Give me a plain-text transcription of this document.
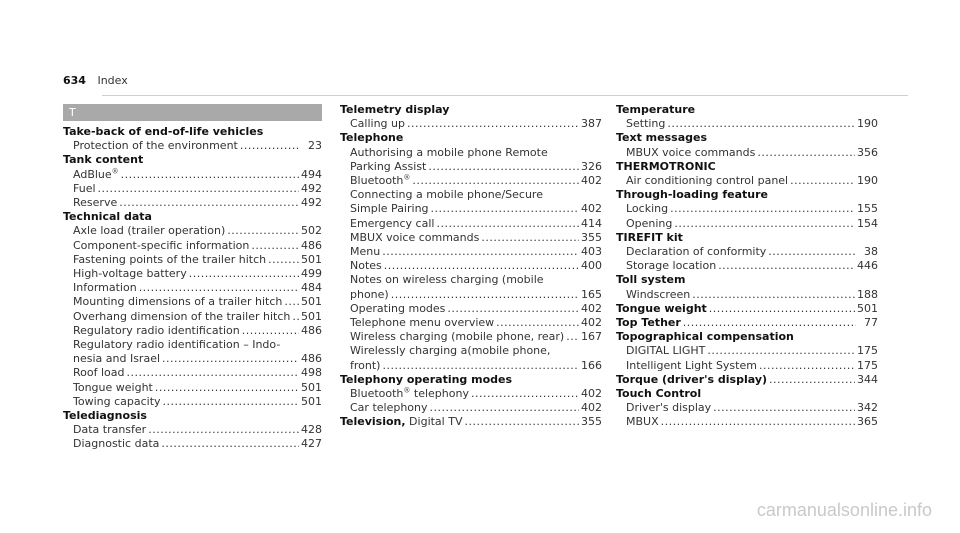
634 Index
T
Take-back of end-of-life vehicles
Protection of the environment .....	23
Tank content
AdBlue® .....	494
Fuel .....	492
Reserve .....	492
Technical data
Axle load (trailer operation) .....	502
Component-specific information .....	486
Fastening points of the trailer hitch .....	501
High-voltage battery .....	499
Information .....	484
Mounting dimensions of a trailer hitch ..... 501
Overhang dimension of the trailer hitch ..... 501
Regulatory radio identification .....	486
Regulatory radio identification – Indo-
nesia and Israel .....	486
Roof load .....	498
Tongue weight .....	501
Towing capacity .....	501
Telediagnosis
Data transfer .....	428
Diagnostic data .....	427
Telemetry display
Calling up .....	387
Telephone
Authorising a mobile phone Remote
Parking Assist .....	326
Bluetooth® .....	402
Connecting a mobile phone/Secure
Simple Pairing .....	402
Emergency call .....	414
MBUX voice commands .....	355
Menu .....	403
Notes .....	400
Notes on wireless charging (mobile
phone) .....	165
Operating modes .....	402
Telephone menu overview .....	402
Wireless charging (mobile phone, rear) ..... 167
Wirelessly charging a(mobile phone,
front) .....	166
Telephony operating modes
Bluetooth® telephony .....	402
Car telephony .....	402
Television, Digital TV .....	355
Temperature
Setting .....	190
Text messages
MBUX voice commands .....	356
THERMOTRONIC
Air conditioning control panel .....	190
Through-loading feature
Locking .....	155
Opening .....	154
TIREFIT kit
Declaration of conformity .....	38
Storage location .....	446
Toll system
Windscreen .....	188
Tongue weight .....	501
Top Tether .....	77
Topographical compensation
DIGITAL LIGHT .....	175
Intelligent Light System .....	175
Torque (driver's display) .....	344
Touch Control
Driver's display .....	342
MBUX .....	365
carmanualsonline.info
